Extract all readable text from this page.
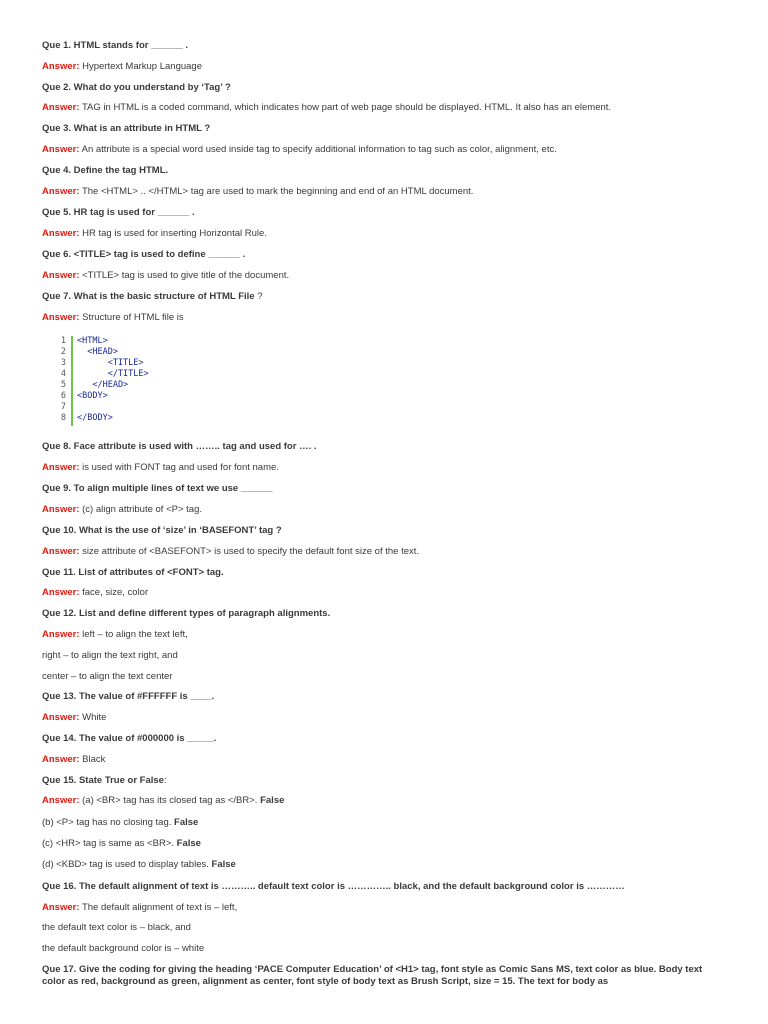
Que 1. HTML stands for ______ .
Answer: Hypertext Markup Language
Que 2. What do you understand by ‘Tag’ ?
Answer: TAG in HTML is a coded command, which indicates how part of web page should be displayed. HTML. It also has an element.
Que 3. What is an attribute in HTML ?
Answer: An attribute is a special word used inside tag to specify additional information to tag such as color, alignment, etc.
Que 4. Define the tag HTML.
Answer: The <HTML> .. </HTML> tag are used to mark the beginning and end of an HTML document.
Que 5. HR tag is used for ______ .
Answer: HR tag is used for inserting Horizontal Rule.
Que 6. <TITLE> tag is used to define ______ .
Answer: <TITLE> tag is used to give title of the document.
Que 7. What is the basic structure of HTML File ?
Answer: Structure of HTML file is
1
2
3
4
5
6
7
8
<HTML>
<HEAD>
<TITLE>
</TITLE>
</HEAD>
<BODY>
</BODY>
Que 8. Face attribute is used with …….. tag and used for …. .
Answer: is used with FONT tag and used for font name.
Que 9. To align multiple lines of text we use ______
Answer: (c) align attribute of <P> tag.
Que 10. What is the use of ‘size’ in ‘BASEFONT’ tag ?
Answer: size attribute of <BASEFONT> is used to specify the default font size of the text.
Que 11. List of attributes of <FONT> tag.
Answer: face, size, color
Que 12. List and define different types of paragraph alignments.
Answer: left – to align the text left,
right – to align the text right, and
center – to align the text center
Que 13. The value of #FFFFFF is ____.
Answer: White
Que 14. The value of #000000 is _____.
Answer: Black
Que 15. State True or False:
Answer: (a) <BR> tag has its closed tag as </BR>. False
(b) <P> tag has no closing tag. False
(c) <HR> tag is same as <BR>. False
(d) <KBD> tag is used to display tables. False
Que 16. The default alignment of text is ……….. default text color is ………….. black, and the default background color is …………
Answer: The default alignment of text is – left,
the default text color is – black, and
the default background color is – white
Que 17. Give the coding for giving the heading ‘PACE Computer Education’ of <H1> tag, font style as Comic Sans MS, text color as blue. Body text color as red, background as green, alignment as center, font style of body text as Brush Script, size = 15. The text for body as
